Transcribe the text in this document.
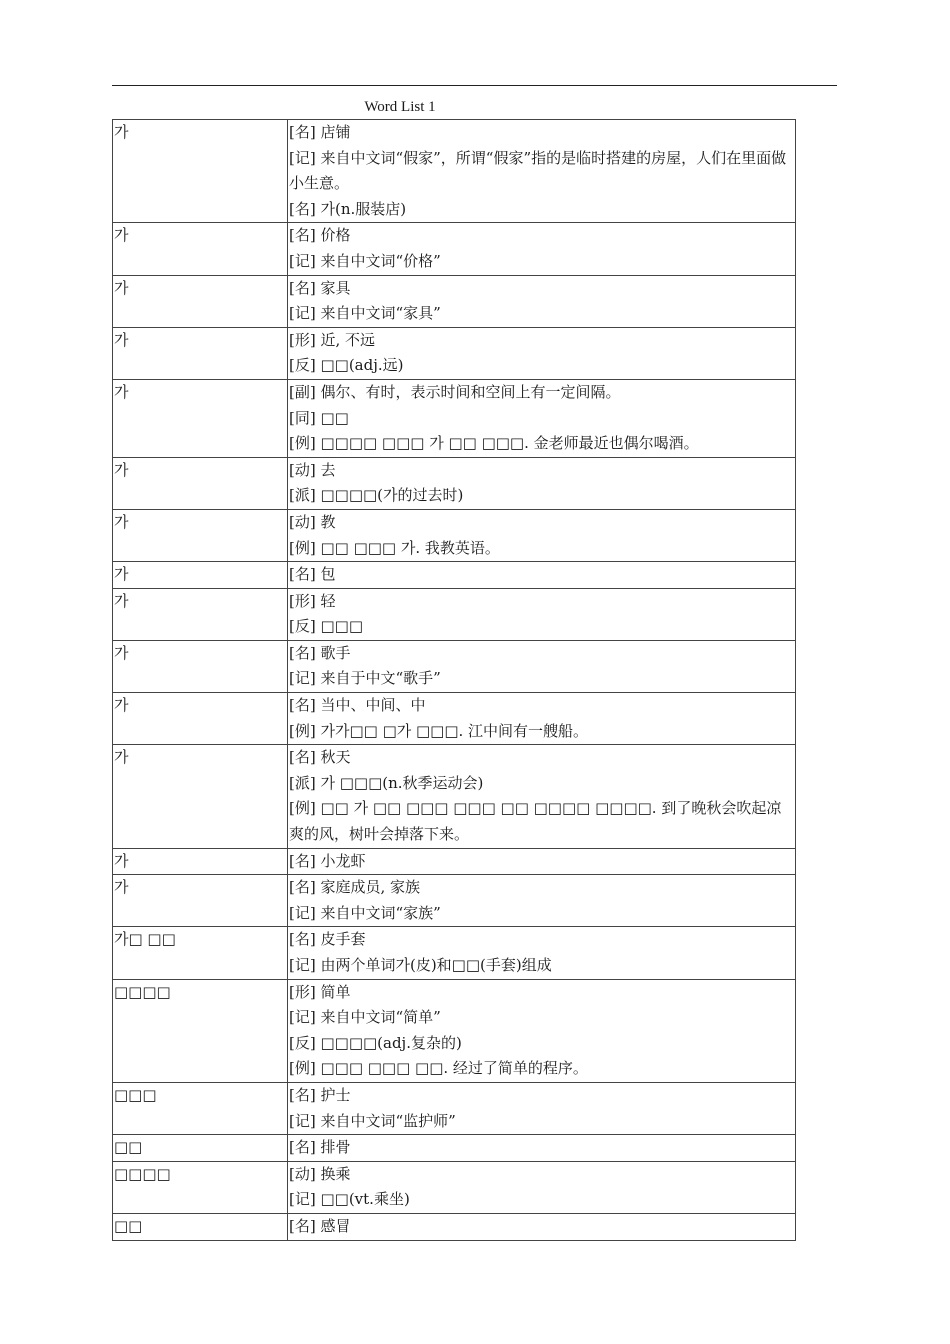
Word List 1
가	[名] 店铺
[记] 来自中文词“假家”，所谓“假家”指的是临时搭建的房屋，人们在里面做小生意。
[名] 가(n.服装店)

가	[名] 价格
[记] 来自中文词“价格”

가	[名] 家具
[记] 来自中文词“家具”

가	[形] 近, 不远
[反] □□(adj.远)

가	[副] 偶尔、有时，表示时间和空间上有一定间隔。
[同] □□
[例] □□□□ □□□ 가 □□ □□□. 金老师最近也偶尔喝酒。

가	[动] 去
[派] □□□□(가的过去时)

가	[动] 教
[例] □□ □□□ 가. 我教英语。

가	[名] 包

가	[形] 轻
[反] □□□

가	[名] 歌手
[记] 来自于中文“歌手”

가	[名] 当中、中间、中
[例] 가가□□ □가 □□□. 江中间有一艘船。

가	[名] 秋天
[派] 가 □□□(n.秋季运动会)
[例] □□ 가 □□ □□□ □□□ □□ □□□□ □□□□. 到了晚秋会吹起凉爽的风，树叶会掉落下来。

가	[名] 小龙虾

가	[名] 家庭成员, 家族
[记] 来自中文词“家族”

가□ □□	[名] 皮手套
[记] 由两个单词가(皮)和□□(手套)组成

□□□□	[形] 简单
[记] 来自中文词“简单”
[反] □□□□(adj.复杂的)
[例] □□□ □□□ □□. 经过了简单的程序。

□□□	[名] 护士
[记] 来自中文词“监护师”

□□	[名] 排骨

□□□□	[动] 换乘
[记] □□(vt.乘坐)

□□	[名] 感冒
